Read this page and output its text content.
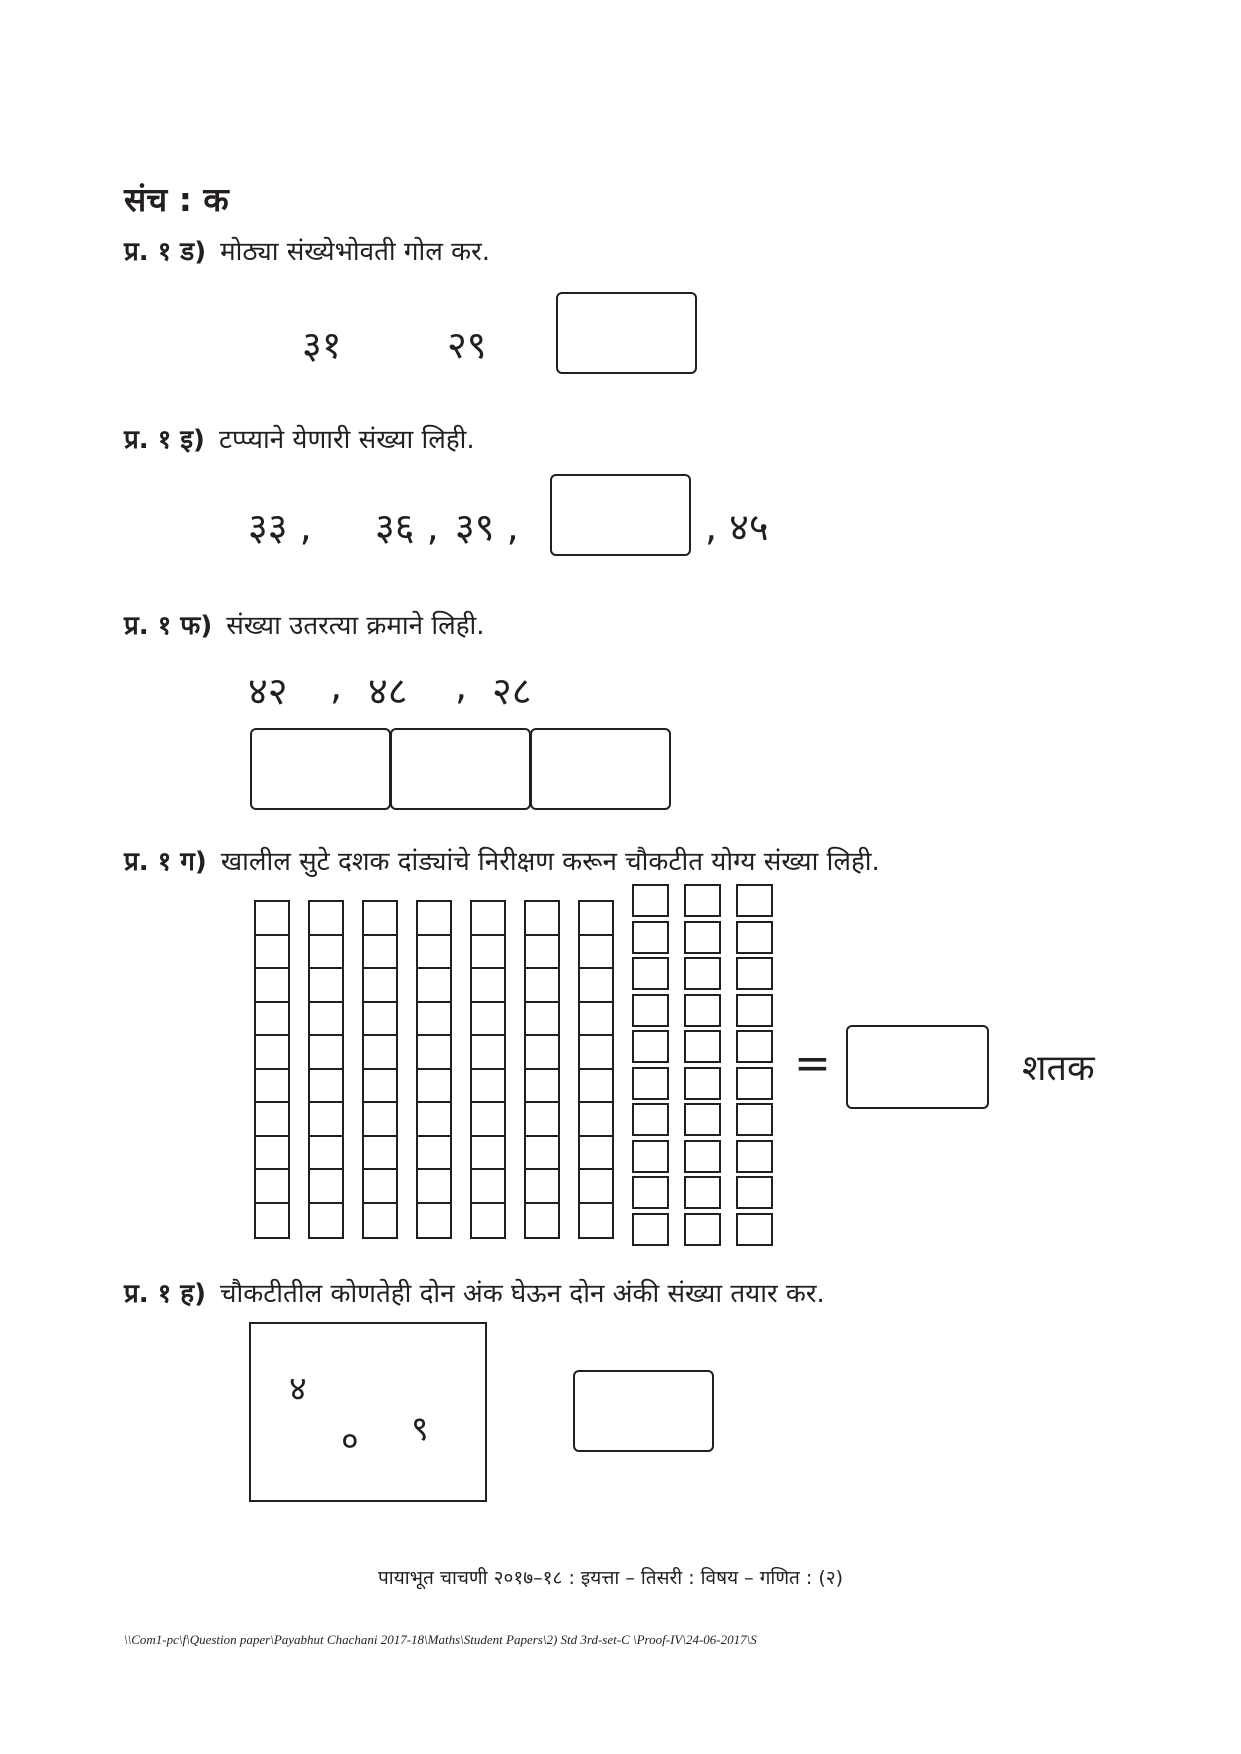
संच : क
प्र. १ ड) मोठ्या संख्येभोवती गोल कर.
३१	२९
प्र. १ इ) टप्प्याने येणारी संख्या लिही.
३३ , ३६ , ३९ ,	, ४५
प्र. १ फ) संख्या उतरत्या क्रमाने लिही.
४२ , ४८ , २८
प्र. १ ग) खालील सुटे दशक दांड्यांचे निरीक्षण करून चौकटीत योग्य संख्या लिही.
=	शतक
प्र. १ ह) चौकटीतील कोणतेही दोन अंक घेऊन दोन अंकी संख्या तयार कर.
४
० ९
पायाभूत चाचणी २०१७–१८ : इयत्ता – तिसरी : विषय – गणित : (२)
\\Com1-pc\f\Question paper\Payabhut Chachani 2017-18\Maths\Student Papers\2) Std 3rd-set-C \Proof-IV\24-06-2017\S
